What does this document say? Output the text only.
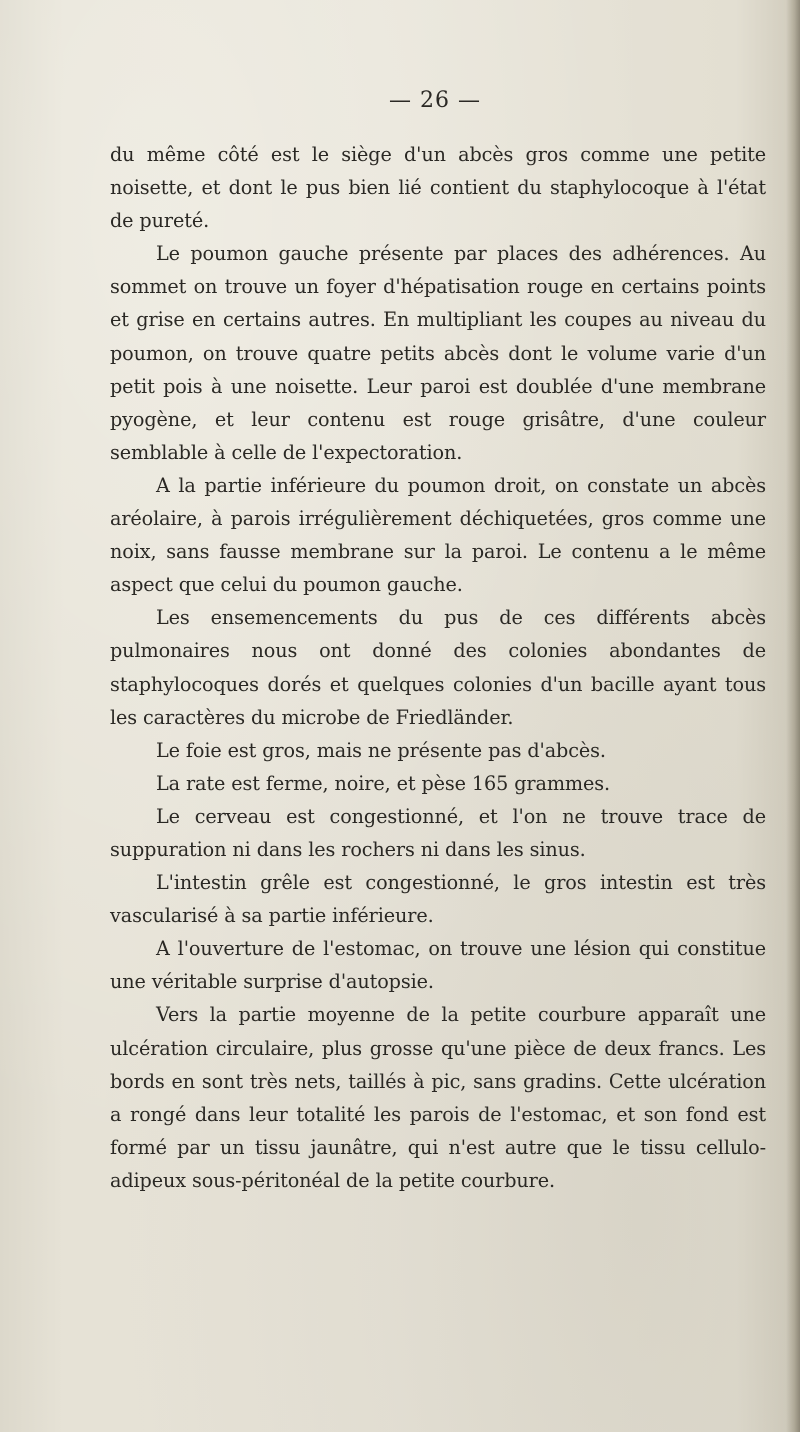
— 26 —

du même côté est le siège d'un abcès gros comme une petite noisette, et dont le pus bien lié contient du staphylocoque à l'état de pureté.

Le poumon gauche présente par places des adhérences. Au sommet on trouve un foyer d'hépatisation rouge en certains points et grise en certains autres. En multipliant les coupes au niveau du poumon, on trouve quatre petits abcès dont le volume varie d'un petit pois à une noisette. Leur paroi est doublée d'une membrane pyogène, et leur contenu est rouge grisâtre, d'une couleur semblable à celle de l'expectoration.

A la partie inférieure du poumon droit, on constate un abcès aréolaire, à parois irrégulièrement déchiquetées, gros comme une noix, sans fausse membrane sur la paroi. Le contenu a le même aspect que celui du poumon gauche.

Les ensemencements du pus de ces différents abcès pulmonaires nous ont donné des colonies abondantes de staphylocoques dorés et quelques colonies d'un bacille ayant tous les caractères du microbe de Friedländer.

Le foie est gros, mais ne présente pas d'abcès.

La rate est ferme, noire, et pèse 165 grammes.

Le cerveau est congestionné, et l'on ne trouve trace de suppuration ni dans les rochers ni dans les sinus.

L'intestin grêle est congestionné, le gros intestin est très vascularisé à sa partie inférieure.

A l'ouverture de l'estomac, on trouve une lésion qui constitue une véritable surprise d'autopsie.

Vers la partie moyenne de la petite courbure apparaît une ulcération circulaire, plus grosse qu'une pièce de deux francs. Les bords en sont très nets, taillés à pic, sans gradins. Cette ulcération a rongé dans leur totalité les parois de l'estomac, et son fond est formé par un tissu jaunâtre, qui n'est autre que le tissu cellulo-adipeux sous-péritonéal de la petite courbure.
